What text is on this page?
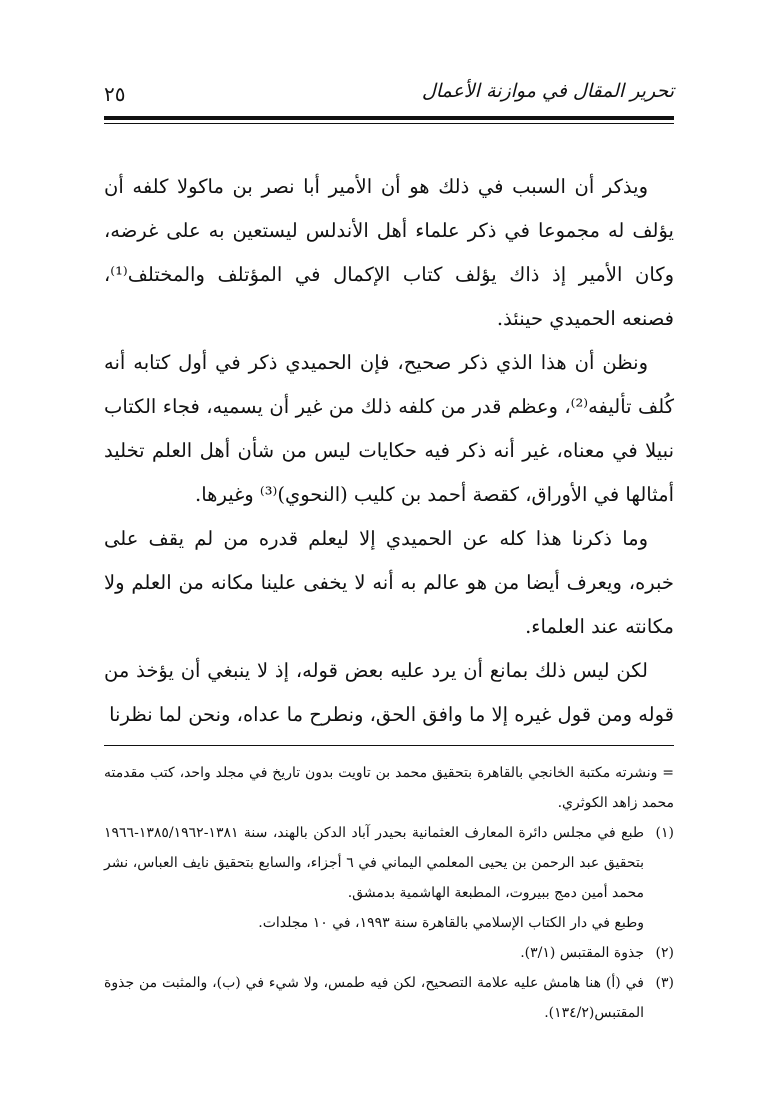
٢٥	تحرير المقال في موازنة الأعمال

ويذكر أن السبب في ذلك هو أن الأمير أبا نصر بن ماكولا كلفه أن يؤلف له مجموعا في ذكر علماء أهل الأندلس ليستعين به على غرضه، وكان الأمير إذ ذاك يؤلف كتاب الإكمال في المؤتلف والمختلف⁽¹⁾، فصنعه الحميدي حينئذ.

ونظن أن هذا الذي ذكر صحيح، فإن الحميدي ذكر في أول كتابه أنه كُلف تأليفه⁽²⁾، وعظم قدر من كلفه ذلك من غير أن يسميه، فجاء الكتاب نبيلا في معناه، غير أنه ذكر فيه حكايات ليس من شأن أهل العلم تخليد أمثالها في الأوراق، كقصة أحمد بن كليب (النحوي)⁽³⁾ وغيرها.

وما ذكرنا هذا كله عن الحميدي إلا ليعلم قدره من لم يقف على خبره، ويعرف أيضا من هو عالم به أنه لا يخفى علينا مكانه من العلم ولا مكانته عند العلماء.

لكن ليس ذلك بمانع أن يرد عليه بعض قوله، إذ لا ينبغي أن يؤخذ من قوله ومن قول غيره إلا ما وافق الحق، ونطرح ما عداه، ونحن لما نظرنا

= ونشرته مكتبة الخانجي بالقاهرة بتحقيق محمد بن تاويت بدون تاريخ في مجلد واحد، كتب مقدمته محمد زاهد الكوثري.
(١)
طبع في مجلس دائرة المعارف العثمانية بحيدر آباد الدكن بالهند، سنة ١٣٨١-١٣٨٥/١٩٦٢-١٩٦٦ بتحقيق عبد الرحمن بن يحيى المعلمي اليماني في ٦ أجزاء، والسابع بتحقيق نايف العباس، نشر محمد أمين دمج ببيروت، المطبعة الهاشمية بدمشق.
وطبع في دار الكتاب الإسلامي بالقاهرة سنة ١٩٩٣، في ١٠ مجلدات.
(٢)
جذوة المقتبس (٣/١).
(٣)
في (أ) هنا هامش عليه علامة التصحيح، لكن فيه طمس، ولا شيء في (ب)، والمثبت من جذوة المقتبس(١٣٤/٢).
